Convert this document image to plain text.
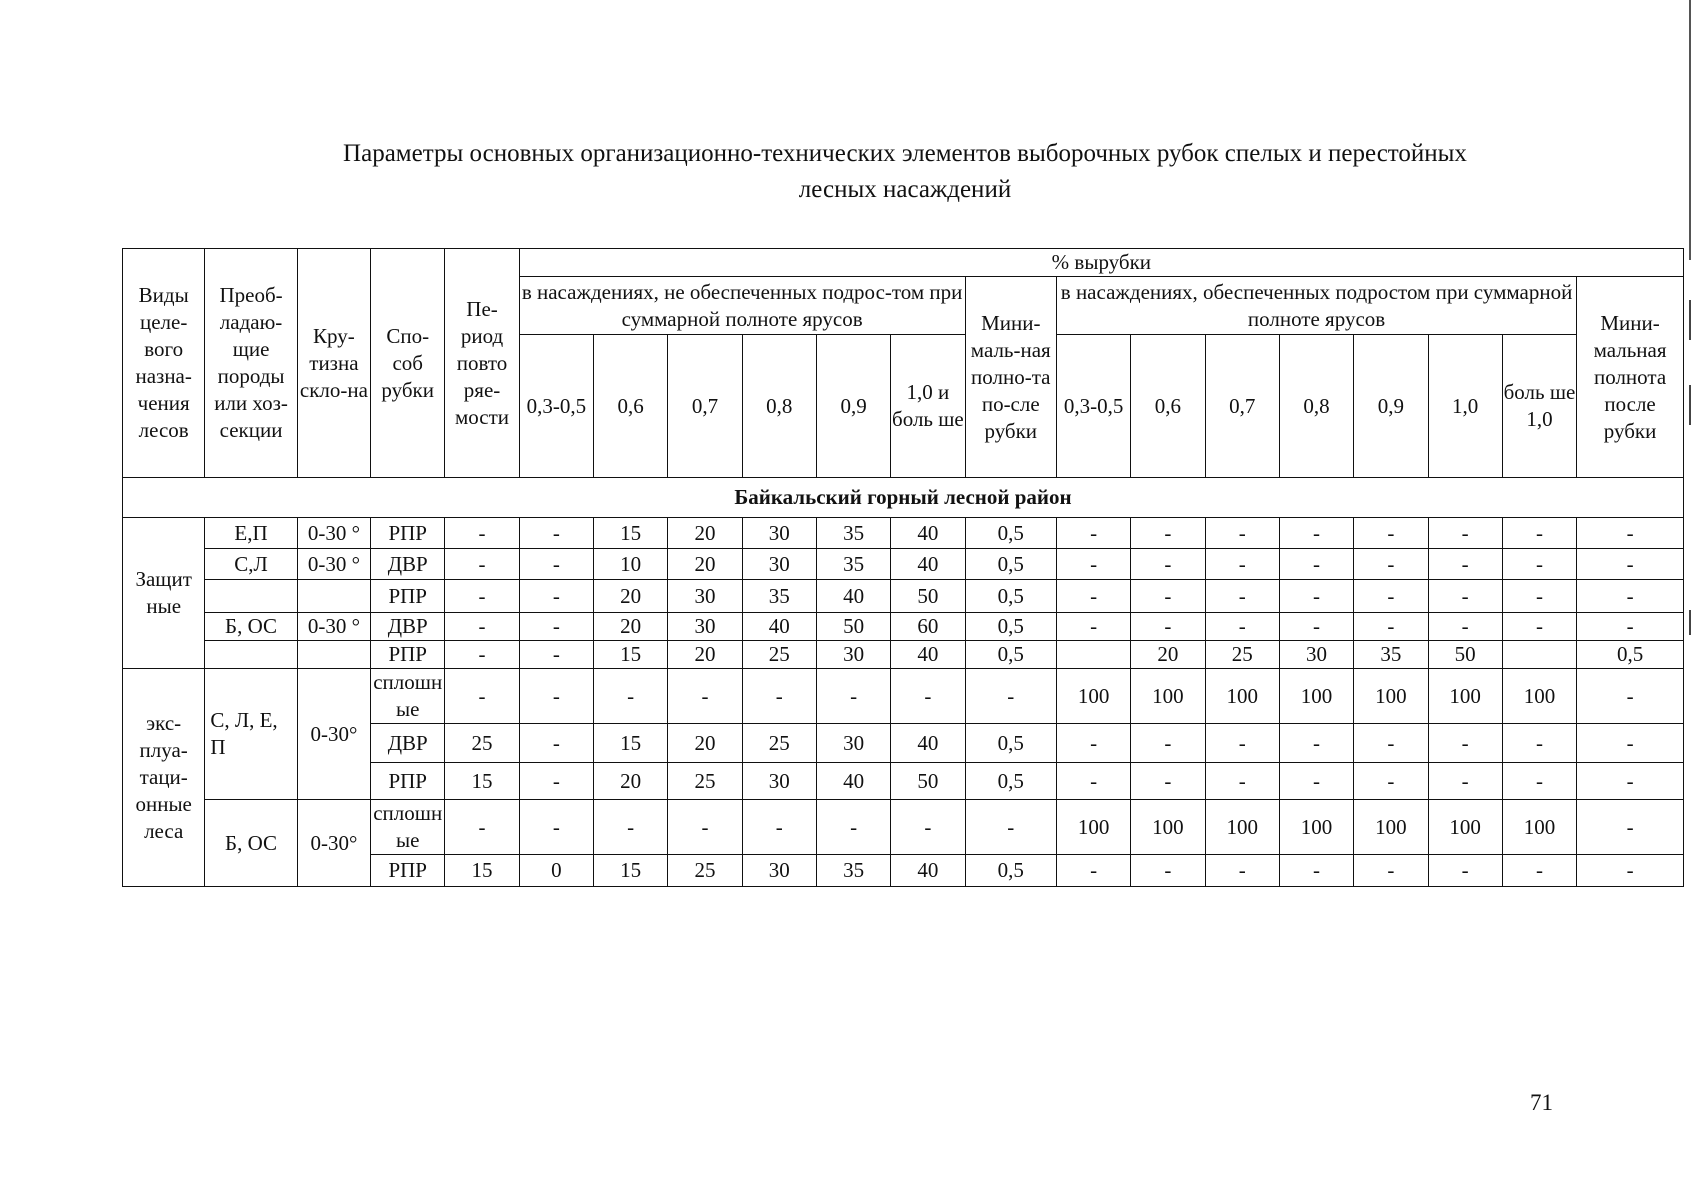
Параметры основных организационно-технических элементов выборочных рубок спелых и перестойных
лесных насаждений
Виды целе-вого назна-чения лесов	Преоб-ладаю-щие породы или хоз-секции	Кру-тизна скло-на	Спо-соб рубки	Пе-риод повто ряе-мости	% вырубки														
					в насаждениях, не обеспеченных подрос-том при суммарной полноте ярусов						Мини-маль-ная полно-та по-сле рубки	в насаждениях, обеспеченных подростом при суммарной полноте ярусов							Мини-мальная полнота после рубки
					0,3-0,5	0,6	0,7	0,8	0,9	1,0 и боль ше		0,3-0,5	0,6	0,7	0,8	0,9	1,0	боль ше 1,0	
Байкальский горный лесной район																			
Защит ные	Е,П	0-30 °	РПР	-	-	15	20	30	35	40	0,5	-	-	-	-	-	-	-	-
	С,Л	0-30 °	ДВР	-	-	10	20	30	35	40	0,5	-	-	-	-	-	-	-	-
			РПР	-	-	20	30	35	40	50	0,5	-	-	-	-	-	-	-	-
	Б, ОС	0-30 °	ДВР	-	-	20	30	40	50	60	0,5	-	-	-	-	-	-	-	-
			РПР	-	-	15	20	25	30	40	0,5		20	25	30	35	50		0,5
экс-плуа-таци-онные леса	С, Л, Е, П	0-30°	сплошные	-	-	-	-	-	-	-	-	100	100	100	100	100	100	100	-
			ДВР	25	-	15	20	25	30	40	0,5	-	-	-	-	-	-	-	-
			РПР	15	-	20	25	30	40	50	0,5	-	-	-	-	-	-	-	-
	Б, ОС	0-30°	сплошные	-	-	-	-	-	-	-	-	100	100	100	100	100	100	100	-
			РПР	15	0	15	25	30	35	40	0,5	-	-	-	-	-	-	-	-
71
